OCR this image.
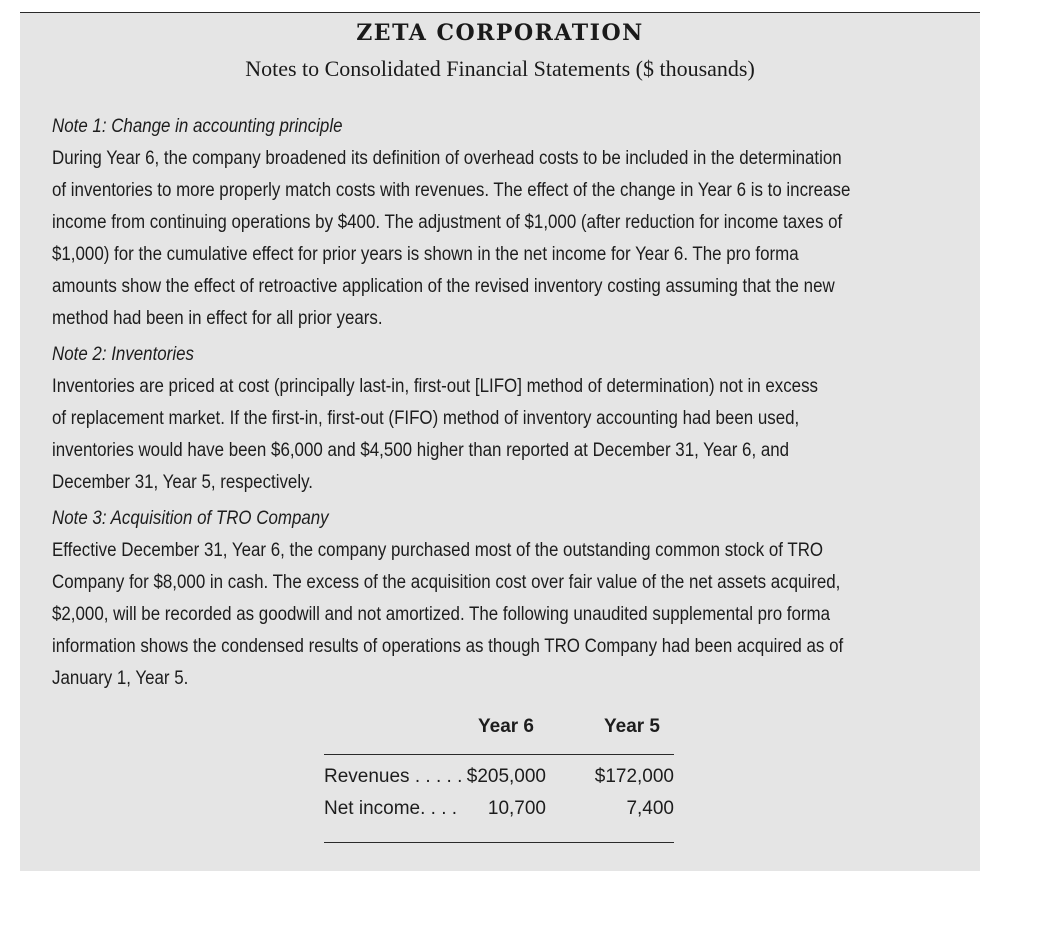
ZETA CORPORATION

Notes to Consolidated Financial Statements ($ thousands)

Note 1: Change in accounting principle
During Year 6, the company broadened its definition of overhead costs to be included in the determination
of inventories to more properly match costs with revenues. The effect of the change in Year 6 is to increase
income from continuing operations by $400. The adjustment of $1,000 (after reduction for income taxes of
$1,000) for the cumulative effect for prior years is shown in the net income for Year 6. The pro forma
amounts show the effect of retroactive application of the revised inventory costing assuming that the new
method had been in effect for all prior years.
Note 2: Inventories
Inventories are priced at cost (principally last-in, first-out [LIFO] method of determination) not in excess
of replacement market. If the first-in, first-out (FIFO) method of inventory accounting had been used,
inventories would have been $6,000 and $4,500 higher than reported at December 31, Year 6, and
December 31, Year 5, respectively.
Note 3: Acquisition of TRO Company
Effective December 31, Year 6, the company purchased most of the outstanding common stock of TRO
Company for $8,000 in cash. The excess of the acquisition cost over fair value of the net assets acquired,
$2,000, will be recorded as goodwill and not amortized. The following unaudited supplemental pro forma
information shows the condensed results of operations as though TRO Company had been acquired as of
January 1, Year 5.
Year 6	Year 5
Revenues . . . . . $205,000	$172,000
Net income. . . . 10,700	7,400
